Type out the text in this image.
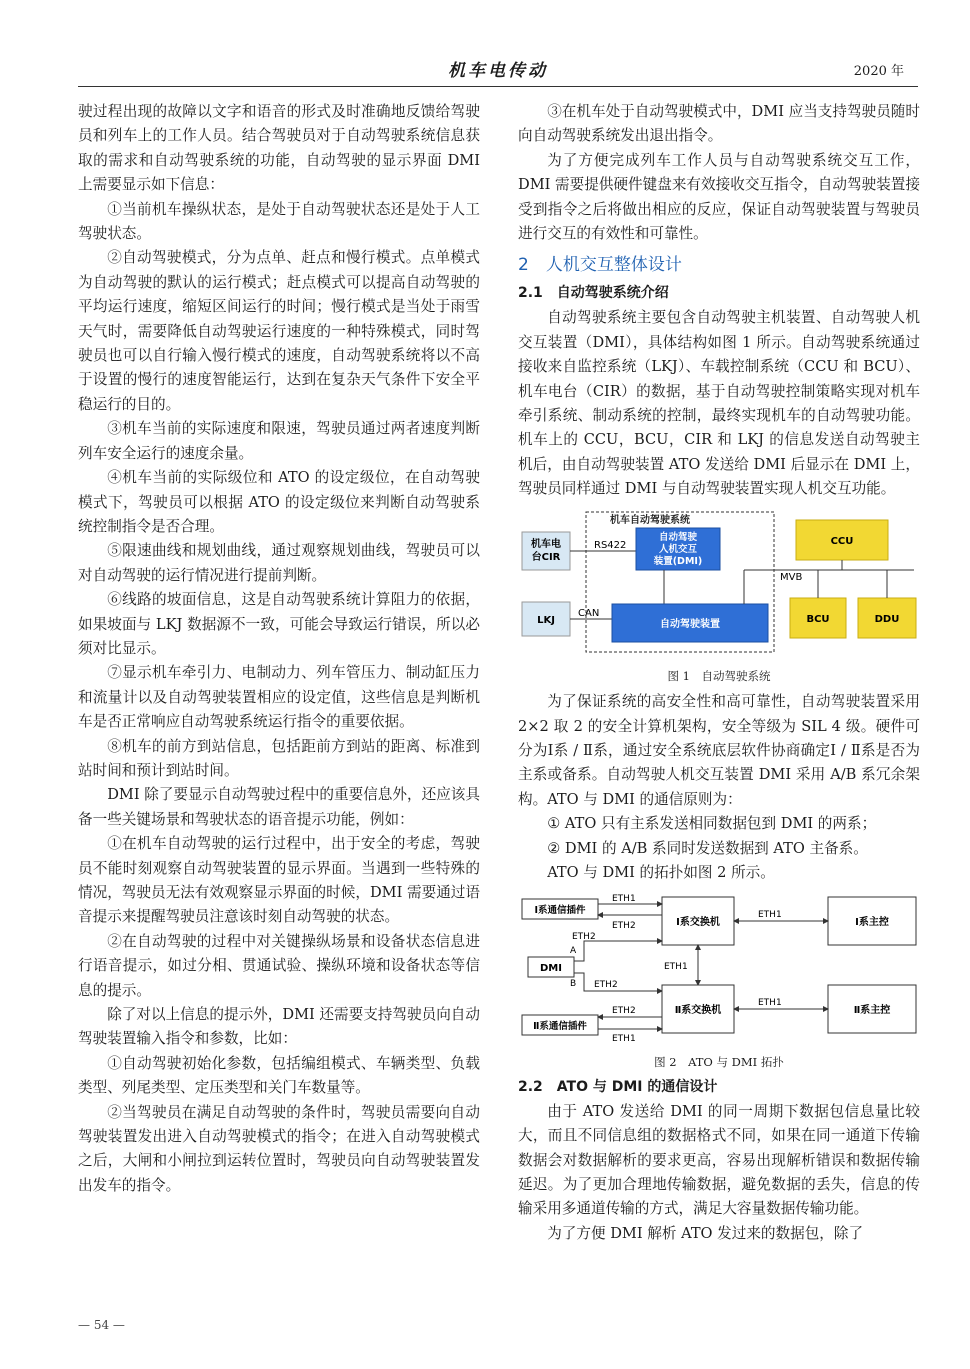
机车电传动	2020 年

驶过程出现的故障以文字和语音的形式及时准确地反馈给驾驶员和列车上的工作人员。结合驾驶员对于自动驾驶系统信息获取的需求和自动驾驶系统的功能，自动驾驶的显示界面 DMI 上需要显示如下信息：

①当前机车操纵状态，是处于自动驾驶状态还是处于人工驾驶状态。

②自动驾驶模式，分为点单、赶点和慢行模式。点单模式为自动驾驶的默认的运行模式；赶点模式可以提高自动驾驶的平均运行速度，缩短区间运行的时间；慢行模式是当处于雨雪天气时，需要降低自动驾驶运行速度的一种特殊模式，同时驾驶员也可以自行输入慢行模式的速度，自动驾驶系统将以不高于设置的慢行的速度智能运行，达到在复杂天气条件下安全平稳运行的目的。

③机车当前的实际速度和限速，驾驶员通过两者速度判断列车安全运行的速度余量。

④机车当前的实际级位和 ATO 的设定级位，在自动驾驶模式下，驾驶员可以根据 ATO 的设定级位来判断自动驾驶系统控制指令是否合理。

⑤限速曲线和规划曲线，通过观察规划曲线，驾驶员可以对自动驾驶的运行情况进行提前判断。

⑥线路的坡面信息，这是自动驾驶系统计算阻力的依据，如果坡面与 LKJ 数据源不一致，可能会导致运行错误，所以必须对比显示。

⑦显示机车牵引力、电制动力、列车管压力、制动缸压力和流量计以及自动驾驶装置相应的设定值，这些信息是判断机车是否正常响应自动驾驶系统运行指令的重要依据。

⑧机车的前方到站信息，包括距前方到站的距离、标准到站时间和预计到站时间。

DMI 除了要显示自动驾驶过程中的重要信息外，还应该具备一些关键场景和驾驶状态的语音提示功能，例如：

①在机车自动驾驶的运行过程中，出于安全的考虑，驾驶员不能时刻观察自动驾驶装置的显示界面。当遇到一些特殊的情况，驾驶员无法有效观察显示界面的时候，DMI 需要通过语音提示来提醒驾驶员注意该时刻自动驾驶的状态。

②在自动驾驶的过程中对关键操纵场景和设备状态信息进行语音提示，如过分相、贯通试验、操纵环境和设备状态等信息的提示。

除了对以上信息的提示外，DMI 还需要支持驾驶员向自动驾驶装置输入指令和参数，比如：

①自动驾驶初始化参数，包括编组模式、车辆类型、负载类型、列尾类型、定压类型和关门车数量等。

②当驾驶员在满足自动驾驶的条件时，驾驶员需要向自动驾驶装置发出进入自动驾驶模式的指令；在进入自动驾驶模式之后，大闸和小闸拉到运转位置时，驾驶员向自动驾驶装置发出发车的指令。

③在机车处于自动驾驶模式中，DMI 应当支持驾驶员随时向自动驾驶系统发出退出指令。

为了方便完成列车工作人员与自动驾驶系统交互工作，DMI 需要提供硬件键盘来有效接收交互指令，自动驾驶装置接受到指令之后将做出相应的反应，保证自动驾驶装置与驾驶员进行交互的有效性和可靠性。

2　人机交互整体设计
2.1　自动驾驶系统介绍

自动驾驶系统主要包含自动驾驶主机装置、自动驾驶人机交互装置（DMI），具体结构如图 1 所示。自动驾驶系统通过接收来自监控系统（LKJ）、车载控制系统（CCU 和 BCU）、机车电台（CIR）的数据，基于自动驾驶控制策略实现对机车牵引系统、制动系统的控制，最终实现机车的自动驾驶功能。机车上的 CCU，BCU，CIR 和 LKJ 的信息发送自动驾驶主机后，由自动驾驶装置 ATO 发送给 DMI 后显示在 DMI 上，驾驶员同样通过 DMI 与自动驾驶装置实现人机交互功能。

机车自动驾驶系统
机车电
台CIR
RS422
自动驾驶
人机交互
装置(DMI)
LKJ
CAN
自动驾驶装置
MVB
CCU
BCU	DDU
图 1　自动驾驶系统

为了保证系统的高安全性和高可靠性，自动驾驶装置采用 2×2 取 2 的安全计算机架构，安全等级为 SIL 4 级。硬件可分为Ⅰ系 / Ⅱ系，通过安全系统底层软件协商确定Ⅰ / Ⅱ系是否为主系或备系。自动驾驶人机交互装置 DMI 采用 A/B 系冗余架构。ATO 与 DMI 的通信原则为：

① ATO 只有主系发送相同数据包到 DMI 的两系；

② DMI 的 A/B 系同时发送数据到 ATO 主备系。

ATO 与 DMI 的拓扑如图 2 所示。

Ⅰ系通信插件
Ⅰ系交换机	Ⅰ系主控
ETH1
ETH2
ETH1
DMI
A
ETH2
B ETH2
ETH1
Ⅱ系交换机	Ⅱ系主控
ETH1
Ⅱ系通信插件
ETH2
ETH1
图 2　ATO 与 DMI 拓扑
2.2　ATO 与 DMI 的通信设计

由于 ATO 发送给 DMI 的同一周期下数据包信息量比较大，而且不同信息组的数据格式不同，如果在同一通道下传输数据会对数据解析的要求更高，容易出现解析错误和数据传输延迟。为了更加合理地传输数据，避免数据的丢失，信息的传输采用多通道传输的方式，满足大容量数据传输功能。

为了方便 DMI 解析 ATO 发过来的数据包，除了

— 54 —
